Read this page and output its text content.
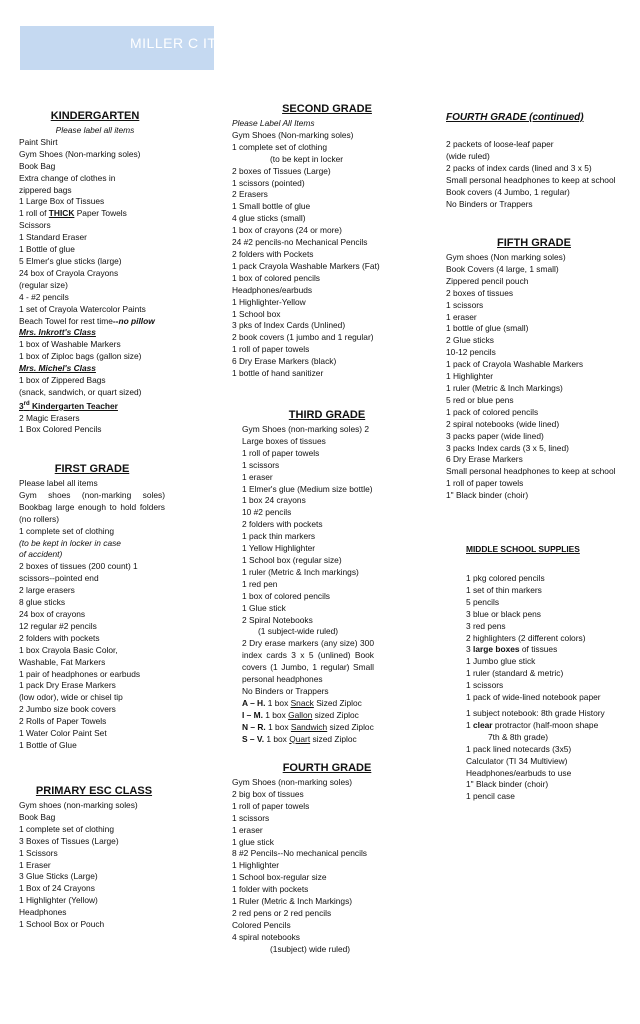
MILLER C ITY
KINDERGARTEN
Please label all items
Paint Shirt
Gym Shoes (Non-marking soles)
Book Bag
Extra change of clothes in
zippered bags
1 Large Box of Tissues
1 roll of THICK Paper Towels
Scissors
1 Standard Eraser
1 Bottle of glue
5 Elmer's glue sticks (large)
24 box of Crayola Crayons
(regular size)
4 - #2 pencils
1 set of Crayola Watercolor Paints
Beach Towel for rest time--no pillow
Mrs. Inkrott's Class
1 box of Washable Markers
1 box of Ziploc bags (gallon size)
Mrs. Michel's Class
1 box of Zippered Bags
(snack, sandwich, or quart sized)
3rd Kindergarten Teacher
2 Magic Erasers
1 Box Colored Pencils
FIRST GRADE
Please label all items
Gym shoes (non-marking soles) Bookbag large enough to hold folders (no rollers)
1 complete set of clothing
(to be kept in locker in case
of accident)
2 boxes of tissues (200 count) 1
scissors--pointed end
2 large erasers
8 glue sticks
24 box of crayons
12 regular #2 pencils
2 folders with pockets
1 box Crayola Basic Color,
Washable, Fat Markers
1 pair of headphones or earbuds
1 pack Dry Erase Markers
(low odor), wide or chisel tip
2 Jumbo size book covers
2 Rolls of Paper Towels
1 Water Color Paint Set
1 Bottle of Glue
PRIMARY ESC CLASS
Gym shoes (non-marking soles)
Book Bag
1 complete set of clothing
3 Boxes of Tissues (Large)
1 Scissors
1 Eraser
3 Glue Sticks (Large)
1 Box of 24 Crayons
1 Highlighter (Yellow)
Headphones
1 School Box or Pouch
SECOND GRADE
Please Label All Items
Gym Shoes (Non-marking soles)
1 complete set of clothing
(to be kept in locker
2 boxes of Tissues (Large)
1 scissors (pointed)
2 Erasers
1 Small bottle of glue
4 glue sticks (small)
1 box of crayons (24 or more)
24 #2 pencils-no Mechanical Pencils
2 folders with Pockets
1 pack Crayola Washable Markers (Fat)
1 box of colored pencils
Headphones/earbuds
1 Highlighter-Yellow
1 School box
3 pks of Index Cards (Unlined)
2 book covers (1 jumbo and 1 regular)
1 roll of paper towels
6 Dry Erase Markers (black)
1 bottle of hand sanitizer
THIRD GRADE
Gym Shoes (non-marking soles) 2
Large boxes of tissues
1 roll of paper towels
1 scissors
1 eraser
1 Elmer's glue (Medium size bottle)
1 box 24 crayons
10 #2 pencils
2 folders with pockets
1 pack thin markers
1 Yellow Highlighter
1 School box (regular size)
1 ruler (Metric & Inch markings)
1 red pen
1 box of colored pencils
1 Glue stick
2 Spiral Notebooks
(1 subject-wide ruled)
2 Dry erase markers (any size) 300 index cards 3 x 5 (unlined) Book covers (1 Jumbo, 1 regular) Small personal headphones
No Binders or Trappers
A – H. 1 box Snack Sized Ziploc
I – M. 1 box Gallon sized Ziploc
N – R. 1 box Sandwich sized Ziploc
S – V. 1 box Quart sized Ziploc
FOURTH GRADE
Gym Shoes (non-marking soles)
2 big box of tissues
1 roll of paper towels
1 scissors
1 eraser
1 glue stick
8 #2 Pencils--No mechanical pencils
1 Highlighter
1 School box-regular size
1 folder with pockets
1 Ruler (Metric & Inch Markings)
2 red pens or 2 red pencils
Colored Pencils
4 spiral notebooks
(1subject) wide ruled)
FOURTH GRADE (continued)
2 packets of loose-leaf paper
(wide ruled)
2 packs of index cards (lined and 3 x 5)
Small personal headphones to keep at school
Book covers (4 Jumbo, 1 regular)
No Binders or Trappers
FIFTH GRADE
Gym shoes (Non marking soles)
Book Covers (4 large, 1 small)
Zippered pencil pouch
2 boxes of tissues
1 scissors
1 eraser
1 bottle of glue (small)
2 Glue sticks
10-12 pencils
1 pack of Crayola Washable Markers
1 Highlighter
1 ruler (Metric & Inch Markings)
5 red or blue pens
1 pack of colored pencils
2 spiral notebooks (wide lined)
3 packs paper (wide lined)
3 packs Index cards (3 x 5, lined)
6 Dry Erase Markers
Small personal headphones to keep at school
1 roll of paper towels
1" Black binder (choir)
MIDDLE SCHOOL SUPPLIES
1 pkg colored pencils
1 set of thin markers
5 pencils
3 blue or black pens
3 red pens
2 highlighters (2 different colors)
3 large boxes of tissues
1 Jumbo glue stick
1 ruler (standard & metric)
1 scissors
1 pack of wide-lined notebook paper
1 subject notebook: 8th grade History
1 clear protractor (half-moon shape
7th & 8th grade)
1 pack lined notecards (3x5)
Calculator (TI 34 Multiview)
Headphones/earbuds to use
1" Black binder (choir)
1 pencil case
